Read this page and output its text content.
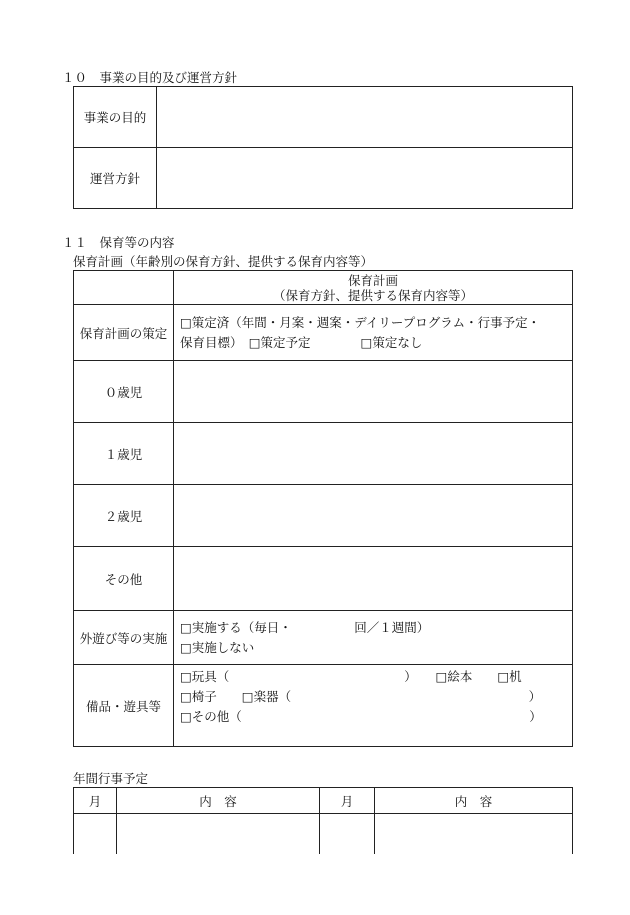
１０　事業の目的及び運営方針
事業の目的	
運営方針	
１１　保育等の内容
保育計画（年齢別の保育方針、提供する保育内容等）

	保育計画
（保育方針、提供する保育内容等）

保育計画の策定	□策定済（年間・月案・週案・デイリープログラム・行事予定・
保育目標）　□策定予定　　　　□策定なし

０歳児	
１歳児	
２歳児	
その他	
外遊び等の実施	□実施する（毎日・　　　　　回／１週間）
□実施しない

備品・遊具等	□玩具（　　　　　　　　　　　　　　）　　□絵本　　□机
□椅子　　□楽器（　　　　　　　　　　　　　　　　　　　）
□その他（　　　　　　　　　　　　　　　　　　　　　　　）
年間行事予定
月	内　容	月	内　容
